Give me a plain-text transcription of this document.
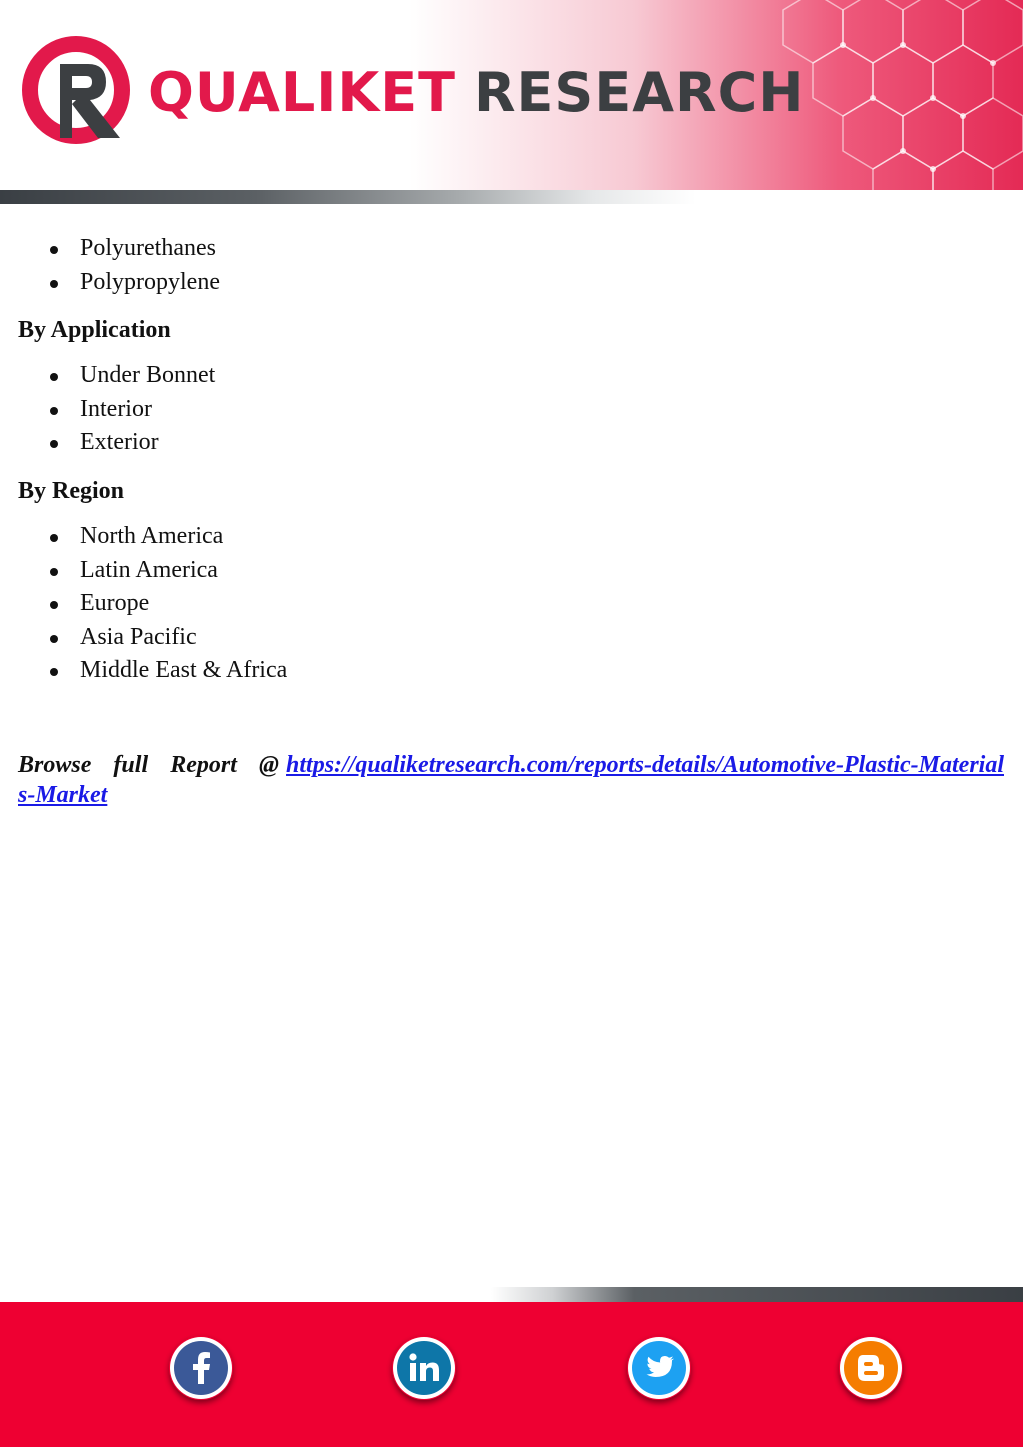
QUALIKET RESEARCH
Polyurethanes
Polypropylene
By Application
Under Bonnet
Interior
Exterior
By Region
North America
Latin America
Europe
Asia Pacific
Middle East & Africa
Browse full Report @ https://qualiketresearch.com/reports-details/Automotive-Plastic-Materials-Market
